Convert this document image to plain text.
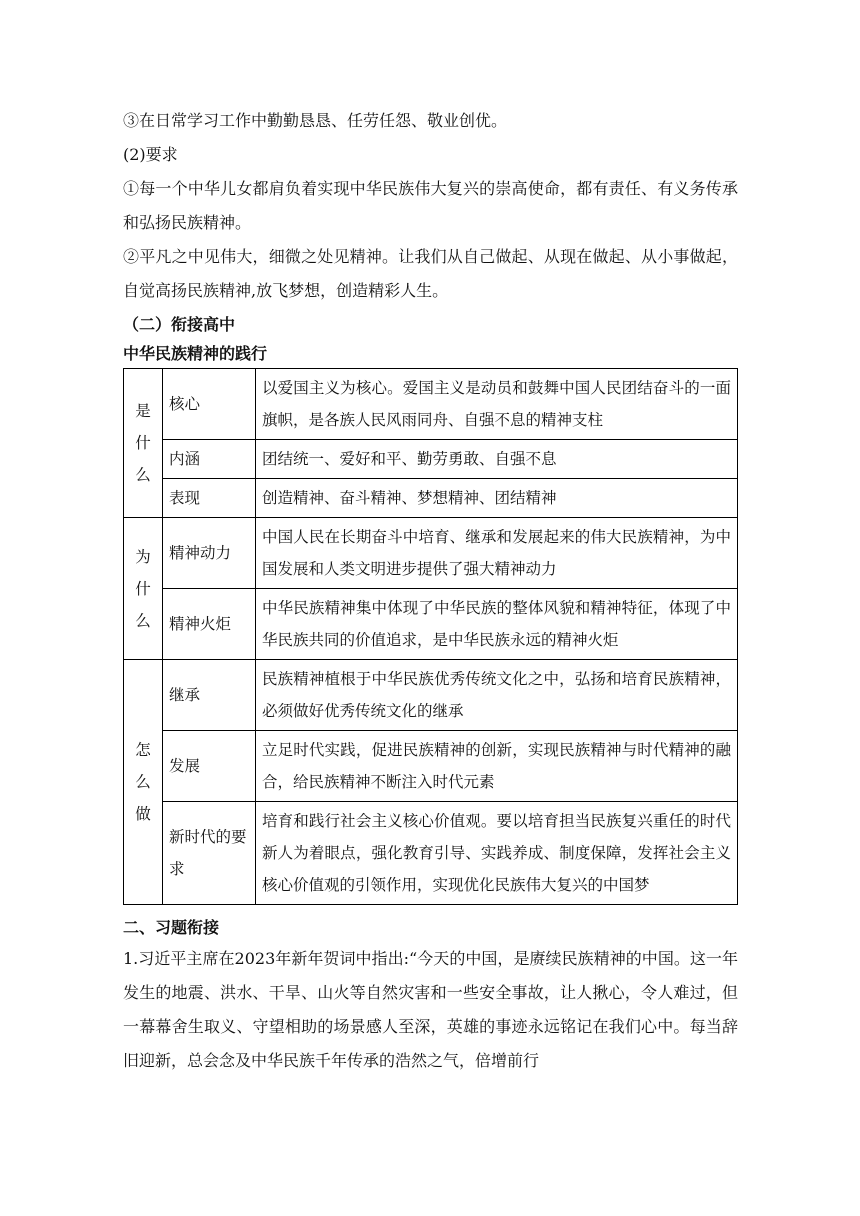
③在日常学习工作中勤勤恳恳、任劳任怨、敬业创优。

(2)要求

①每一个中华儿女都肩负着实现中华民族伟大复兴的崇高使命，都有责任、有义务传承和弘扬民族精神。

②平凡之中见伟大，细微之处见精神。让我们从自己做起、从现在做起、从小事做起，自觉高扬民族精神,放飞梦想，创造精彩人生。

（二）衔接高中
中华民族精神的践行
是什么	核心	以爱国主义为核心。爱国主义是动员和鼓舞中国人民团结奋斗的一面旗帜，是各族人民风雨同舟、自强不息的精神支柱
	内涵	团结统一、爱好和平、勤劳勇敢、自强不息
	表现	创造精神、奋斗精神、梦想精神、团结精神
为什么	精神动力	中国人民在长期奋斗中培育、继承和发展起来的伟大民族精神，为中国发展和人类文明进步提供了强大精神动力
	精神火炬	中华民族精神集中体现了中华民族的整体风貌和精神特征，体现了中华民族共同的价值追求，是中华民族永远的精神火炬
怎么做	继承	民族精神植根于中华民族优秀传统文化之中，弘扬和培育民族精神，必须做好优秀传统文化的继承
	发展	立足时代实践，促进民族精神的创新，实现民族精神与时代精神的融合，给民族精神不断注入时代元素
	新时代的要求	培育和践行社会主义核心价值观。要以培育担当民族复兴重任的时代新人为着眼点，强化教育引导、实践养成、制度保障，发挥社会主义核心价值观的引领作用，实现优化民族伟大复兴的中国梦
二、习题衔接

1.习近平主席在2023年新年贺词中指出:“今天的中国，是赓续民族精神的中国。这一年发生的地震、洪水、干旱、山火等自然灾害和一些安全事故，让人揪心，令人难过，但一幕幕舍生取义、守望相助的场景感人至深，英雄的事迹永远铭记在我们心中。每当辞旧迎新，总会念及中华民族千年传承的浩然之气，倍增前行
